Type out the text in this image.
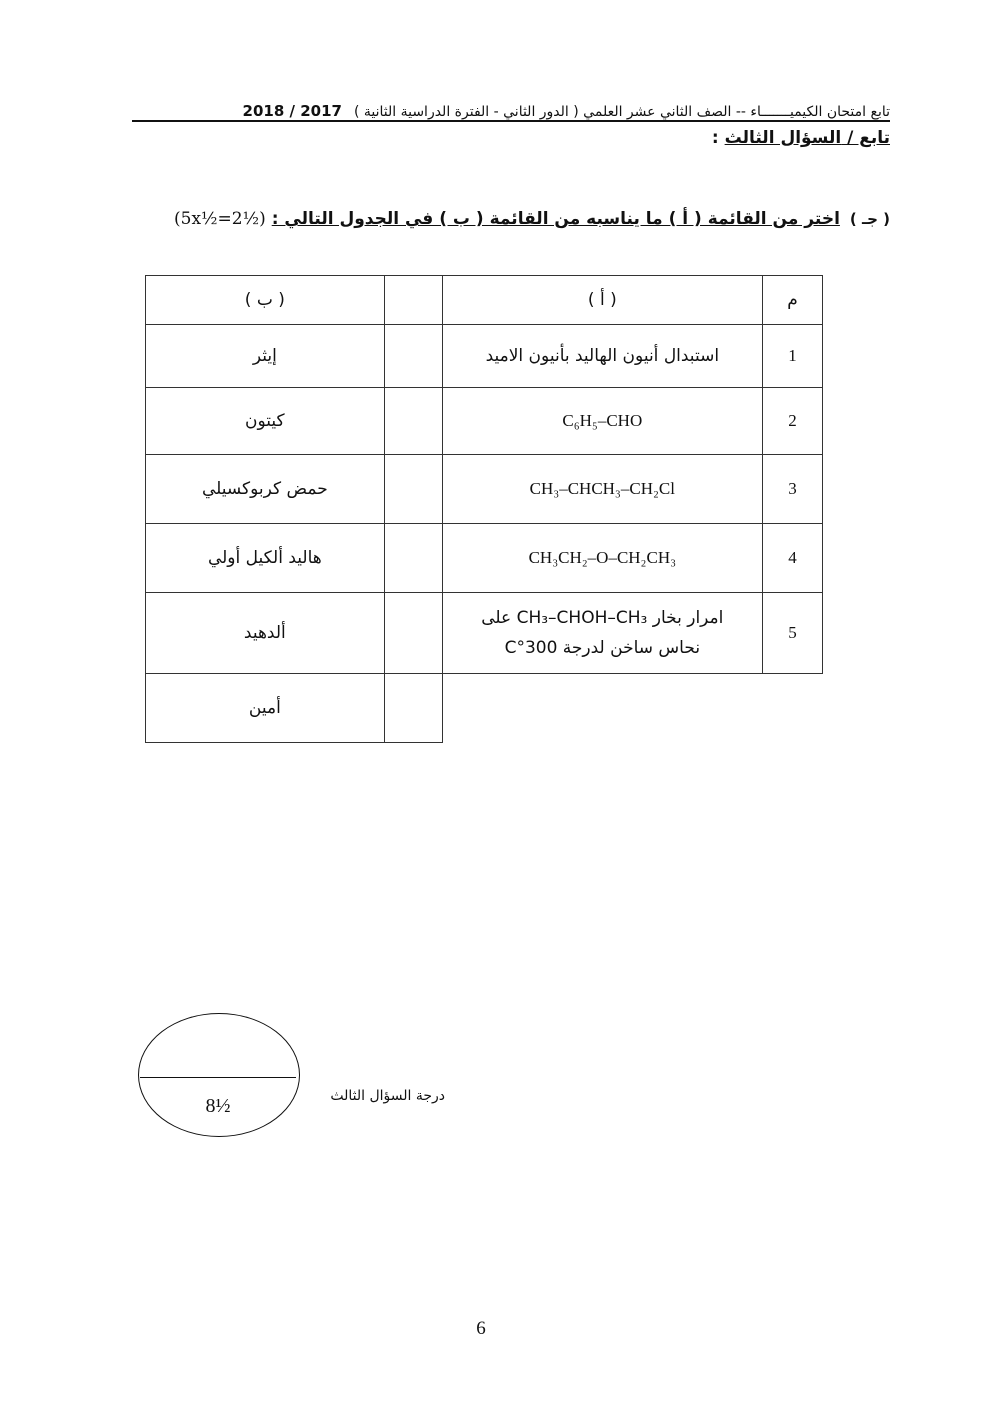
تابع امتحان الكيميـــــــاء -- الصف الثاني عشر العلمي ( الدور الثاني - الفترة الدراسية الثانية )
2018 / 2017
تابع / السؤال الثالث :
( جـ )
اختر من القائمة ( أ ) ما يناسبه من القائمة ( ب ) في الجدول التالي :
(5x½=2½)
( ب )		( أ )	م
إيثر		استبدال أنيون الهاليد بأنيون الاميد	1
كيتون		C₆H₅–CHO	2
حمض كربوكسيلي		CH₃–CHCH₃–CH₂Cl	3
هاليد ألكيل أولي		CH₃CH₂–O–CH₂CH₃	4
ألدهيد		امرار بخار CH₃–CHOH–CH₃ على
نحاس ساخن لدرجة 300°C	5
أمين			
8½	درجة السؤال الثالث
6
